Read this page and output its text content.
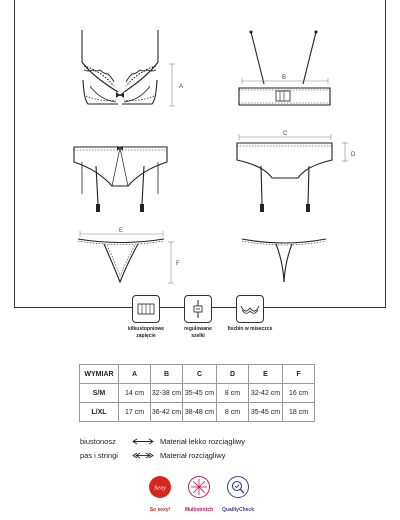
A
B
C
D
E
F
kilkustopniowe
zapięcie
regulowane
szelki
fiszbin w miseczce
WYMIAR	A	B	C	D	E	F
S/M	14 cm	32-38 cm	35-45 cm	8 cm	32-42 cm	16 cm
L/XL	17 cm	36-42 cm	38-48 cm	8 cm	35-45 cm	18 cm
biustonosz	Materiał lekko rozciągliwy
pas i stringi	Materiał rozciągliwy
Sexy
So sexy!	Multistretch	QualityCheck
